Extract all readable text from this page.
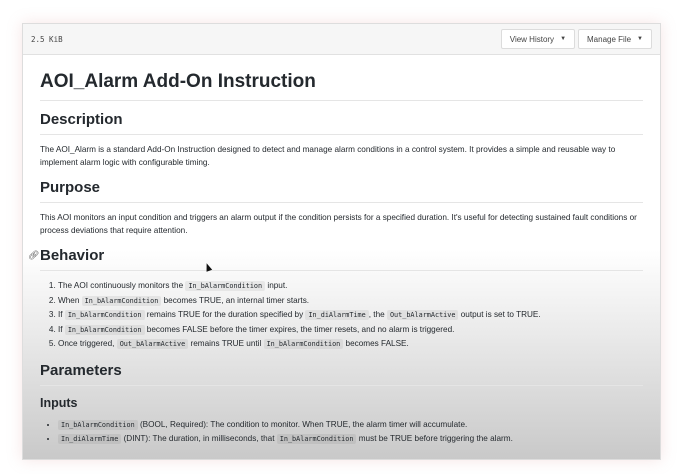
2.5 KiB	View History ▼	Manage File ▼
AOI_Alarm Add-On Instruction
Description

The AOI_Alarm is a standard Add-On Instruction designed to detect and manage alarm conditions in a control system. It provides a simple and reusable way to implement alarm logic with configurable timing.

Purpose

This AOI monitors an input condition and triggers an alarm output if the condition persists for a specified duration. It's useful for detecting sustained fault conditions or process deviations that require attention.

🔗︎ Behavior
1. The AOI continuously monitors the In_bAlarmCondition input.
2. When In_bAlarmCondition becomes TRUE, an internal timer starts.
3. If In_bAlarmCondition remains TRUE for the duration specified by In_diAlarmTime , the Out_bAlarmActive output is set to TRUE.
4. If In_bAlarmCondition becomes FALSE before the timer expires, the timer resets, and no alarm is triggered.
5. Once triggered, Out_bAlarmActive remains TRUE until In_bAlarmCondition becomes FALSE.
Parameters
Inputs
• In_bAlarmCondition (BOOL, Required): The condition to monitor. When TRUE, the alarm timer will accumulate.
• In_diAlarmTime (DINT): The duration, in milliseconds, that In_bAlarmCondition must be TRUE before triggering the alarm.
